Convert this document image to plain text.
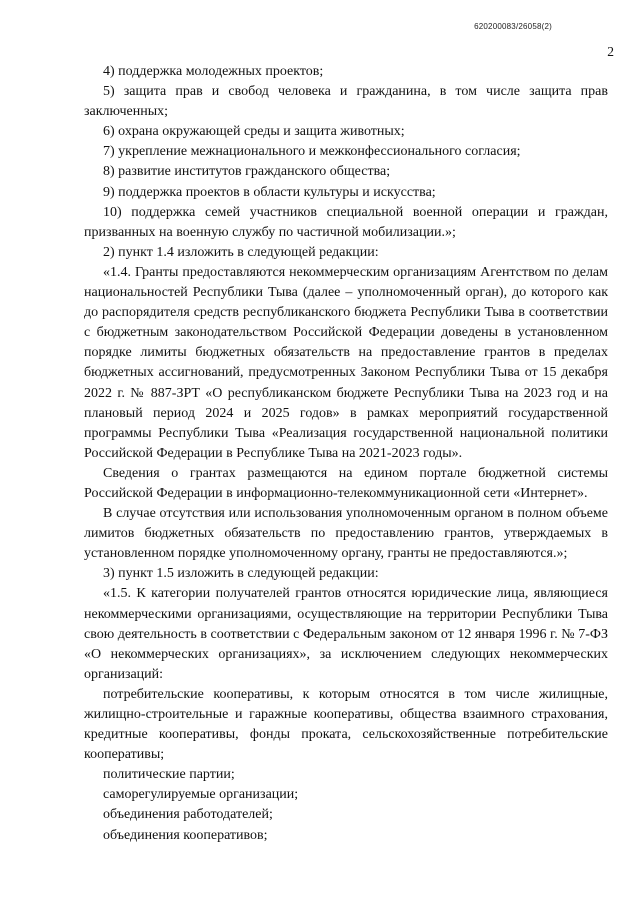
620200083/26058(2)
2

4) поддержка молодежных проектов;

5) защита прав и свобод человека и гражданина, в том числе защита прав заключенных;

6) охрана окружающей среды и защита животных;

7) укрепление межнационального и межконфессионального согласия;

8) развитие институтов гражданского общества;

9) поддержка проектов в области культуры и искусства;

10) поддержка семей участников специальной военной операции и граждан, призванных на военную службу по частичной мобилизации.»;

2) пункт 1.4 изложить в следующей редакции:

«1.4. Гранты предоставляются некоммерческим организациям Агентством по делам национальностей Республики Тыва (далее – уполномоченный орган), до которого как до распорядителя средств республиканского бюджета Республики Тыва в соответствии с бюджетным законодательством Российской Федерации доведены в установленном порядке лимиты бюджетных обязательств на предоставление грантов в пределах бюджетных ассигнований, предусмотренных Законом Республики Тыва от 15 декабря 2022 г. № 887-ЗРТ «О республиканском бюджете Республики Тыва на 2023 год и на плановый период 2024 и 2025 годов» в рамках мероприятий государственной программы Республики Тыва «Реализация государственной национальной политики Российской Федерации в Республике Тыва на 2021-2023 годы».

Сведения о грантах размещаются на едином портале бюджетной системы Российской Федерации в информационно-телекоммуникационной сети «Интернет».

В случае отсутствия или использования уполномоченным органом в полном объеме лимитов бюджетных обязательств по предоставлению грантов, утверждаемых в установленном порядке уполномоченному органу, гранты не предоставляются.»;

3) пункт 1.5 изложить в следующей редакции:

«1.5. К категории получателей грантов относятся юридические лица, являющиеся некоммерческими организациями, осуществляющие на территории Республики Тыва свою деятельность в соответствии с Федеральным законом от 12 января 1996 г. № 7-ФЗ «О некоммерческих организациях», за исключением следующих некоммерческих организаций:

потребительские кооперативы, к которым относятся в том числе жилищные, жилищно-строительные и гаражные кооперативы, общества взаимного страхования, кредитные кооперативы, фонды проката, сельскохозяйственные потребительские кооперативы;

политические партии;

саморегулируемые организации;

объединения работодателей;

объединения кооперативов;
